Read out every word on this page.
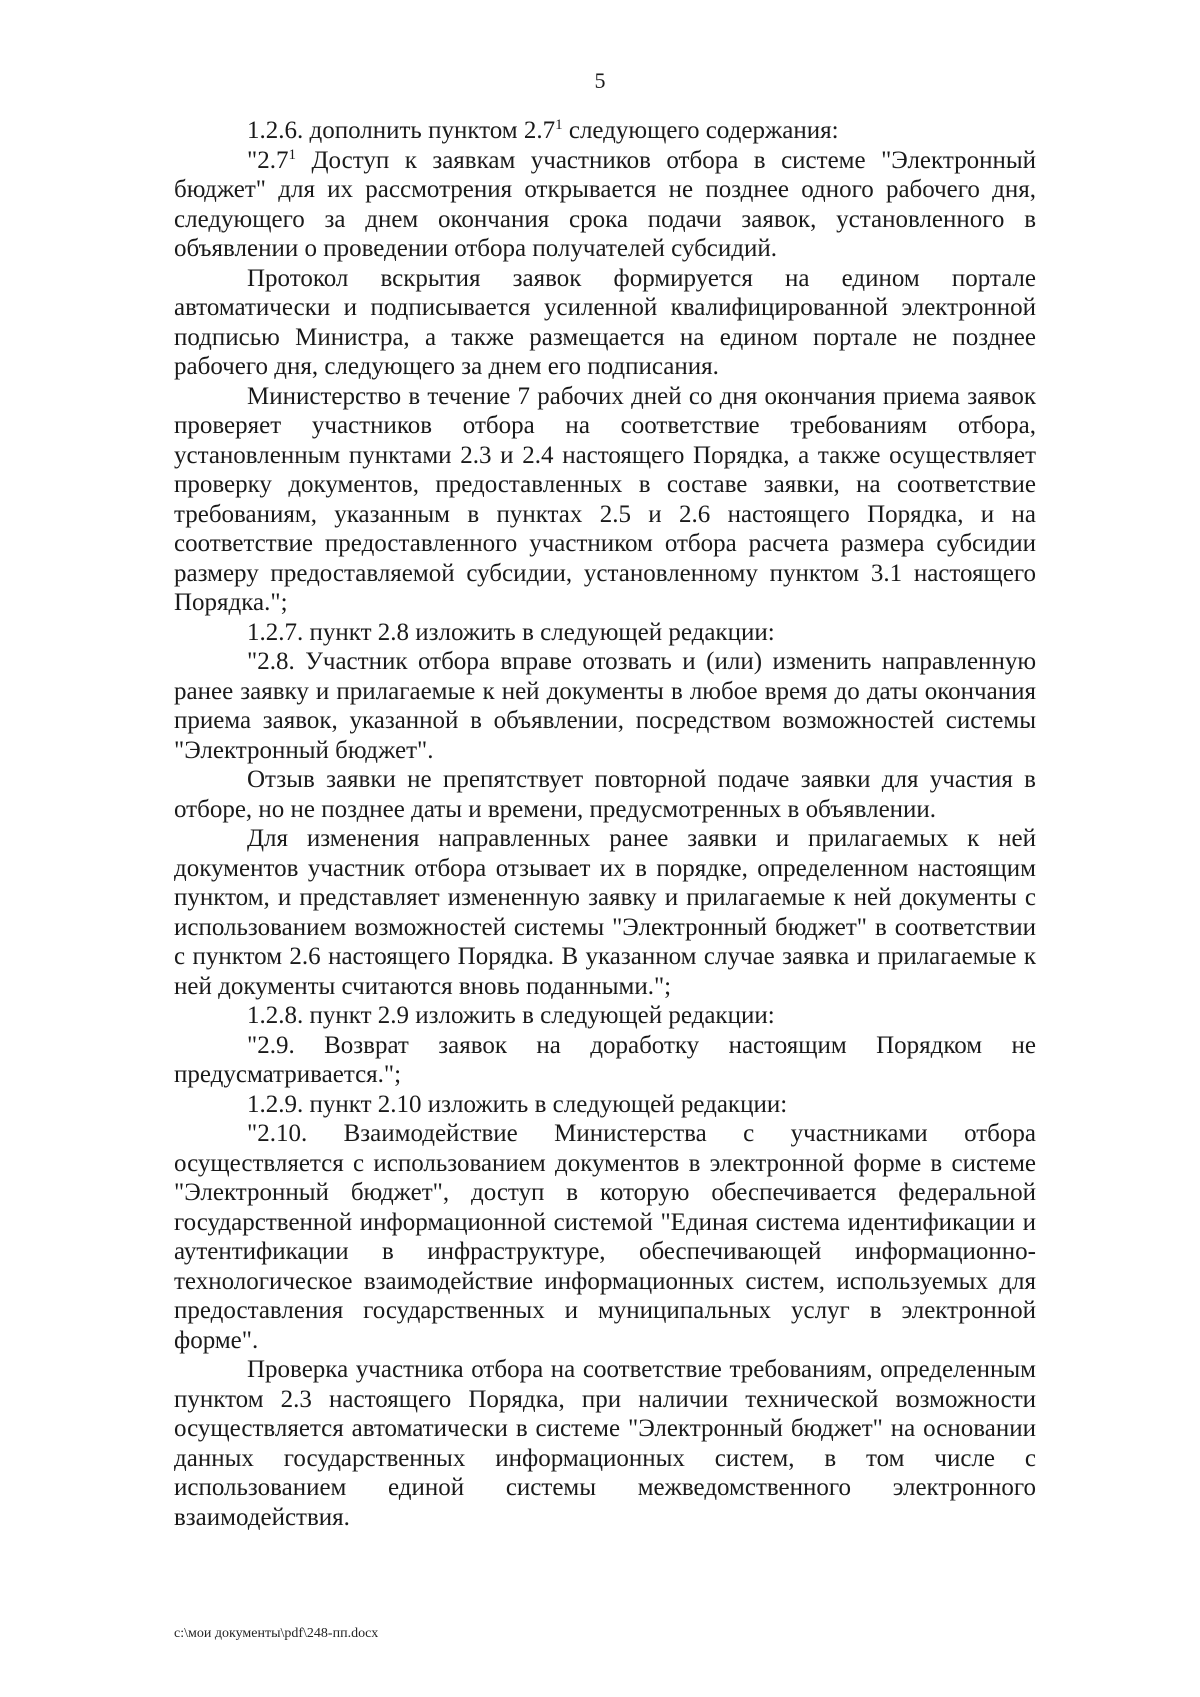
5

1.2.6. дополнить пунктом $2.7^1$ следующего содержания:

"$2.7^1$ Доступ к заявкам участников отбора в системе "Электронный бюджет" для их рассмотрения открывается не позднее одного рабочего дня, следующего за днем окончания срока подачи заявок, установленного в объявлении о проведении отбора получателей субсидий.

Протокол вскрытия заявок формируется на едином портале автоматически и подписывается усиленной квалифицированной электронной подписью Министра, а также размещается на едином портале не позднее рабочего дня, следующего за днем его подписания.

Министерство в течение 7 рабочих дней со дня окончания приема заявок проверяет участников отбора на соответствие требованиям отбора, установленным пунктами 2.3 и 2.4 настоящего Порядка, а также осуществляет проверку документов, предоставленных в составе заявки, на соответствие требованиям, указанным в пунктах 2.5 и 2.6 настоящего Порядка, и на соответствие предоставленного участником отбора расчета размера субсидии размеру предоставляемой субсидии, установленному пунктом 3.1 настоящего Порядка.";

1.2.7. пункт 2.8 изложить в следующей редакции:

"2.8. Участник отбора вправе отозвать и (или) изменить направленную ранее заявку и прилагаемые к ней документы в любое время до даты окончания приема заявок, указанной в объявлении, посредством возможностей системы "Электронный бюджет".

Отзыв заявки не препятствует повторной подаче заявки для участия в отборе, но не позднее даты и времени, предусмотренных в объявлении.

Для изменения направленных ранее заявки и прилагаемых к ней документов участник отбора отзывает их в порядке, определенном настоящим пунктом, и представляет измененную заявку и прилагаемые к ней документы с использованием возможностей системы "Электронный бюджет" в соответствии с пунктом 2.6 настоящего Порядка. В указанном случае заявка и прилагаемые к ней документы считаются вновь поданными.";

1.2.8. пункт 2.9 изложить в следующей редакции:

"2.9. Возврат заявок на доработку настоящим Порядком не предусматривается.";

1.2.9. пункт 2.10 изложить в следующей редакции:

"2.10. Взаимодействие Министерства с участниками отбора осуществляется с использованием документов в электронной форме в системе "Электронный бюджет", доступ в которую обеспечивается федеральной государственной информационной системой "Единая система идентификации и аутентификации в инфраструктуре, обеспечивающей информационно-технологическое взаимодействие информационных систем, используемых для предоставления государственных и муниципальных услуг в электронной форме".

Проверка участника отбора на соответствие требованиям, определенным пунктом 2.3 настоящего Порядка, при наличии технической возможности осуществляется автоматически в системе "Электронный бюджет" на основании данных государственных информационных систем, в том числе с использованием единой системы межведомственного электронного взаимодействия.

c:\мои документы\pdf\248-пп.docx
